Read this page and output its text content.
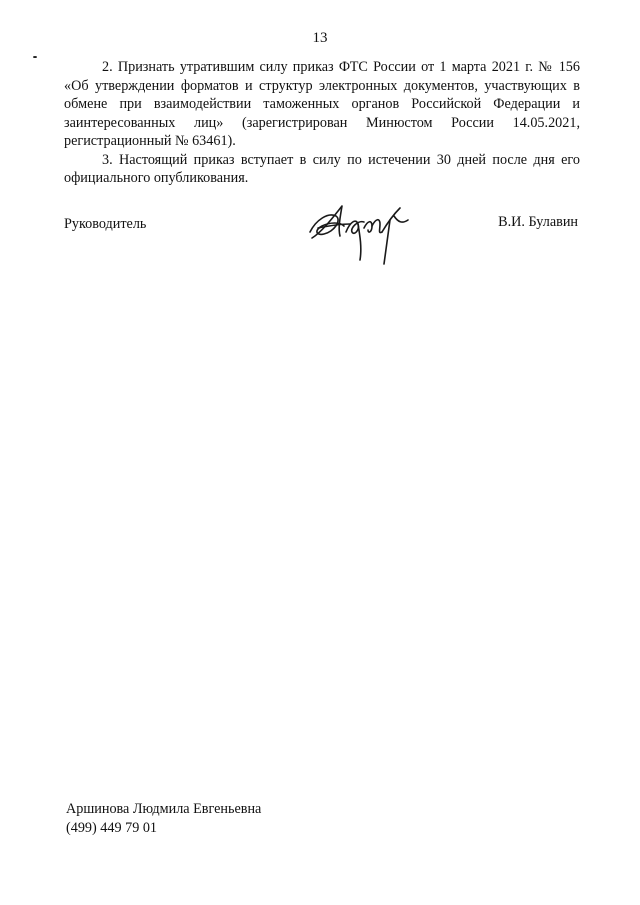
13

2. Признать утратившим силу приказ ФТС России от 1 марта 2021 г. № 156 «Об утверждении форматов и структур электронных документов, участвующих в обмене при взаимодействии таможенных органов Российской Федерации и заинтересованных лиц» (зарегистрирован Минюстом России 14.05.2021, регистрационный № 63461).

3. Настоящий приказ вступает в силу по истечении 30 дней после дня его официального опубликования.

Руководитель	В.И. Булавин
Аршинова Людмила Евгеньевна
(499) 449 79 01
